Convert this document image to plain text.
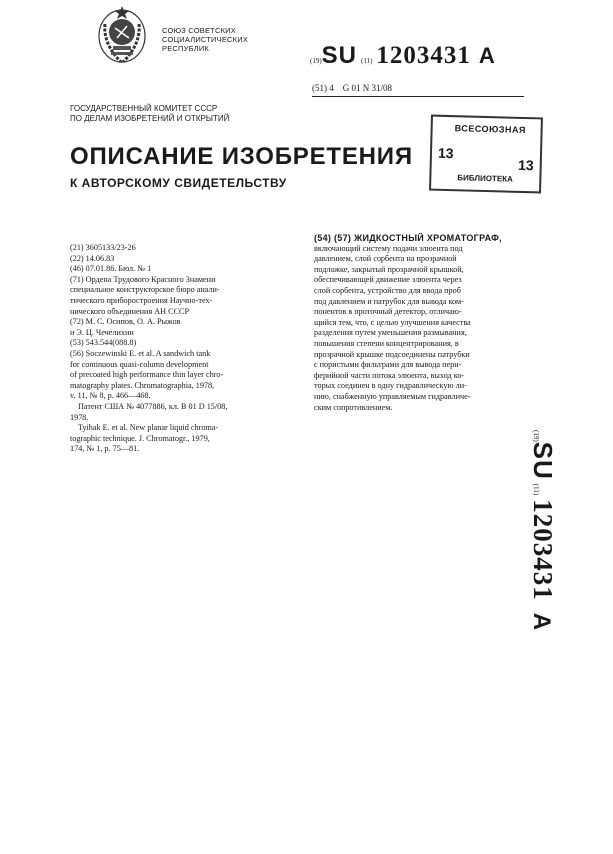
СОЮЗ СОВЕТСКИХ
СОЦИАЛИСТИЧЕСКИХ
РЕСПУБЛИК
(19)SU (11) 1203431 A
(51) 4 G 01 N 31/08
ГОСУДАРСТВЕННЫЙ КОМИТЕТ СССР
ПО ДЕЛАМ ИЗОБРЕТЕНИЙ И ОТКРЫТИЙ
ВСЕСОЮЗНАЯ
13
13
БИБЛИОТЕКА
ОПИСАНИЕ ИЗОБРЕТЕНИЯ
К АВТОРСКОМУ СВИДЕТЕЛЬСТВУ
(21) 3605133/23-26
(22) 14.06.83
(46) 07.01.86. Бюл. № 1
(71) Ордена Трудового Красного Знамени
специальное конструкторское бюро анали-
тического приборостроения Научно-тех-
нического объединения АН СССР
(72) М. С. Осипов, О. А. Рыжов
и Э. Ц. Чечелихин
(53) 543.544(088.8)
(56) Soczewinski E. et al. A sandwich tank
for continuous quasi-column development
of precoated high performance thin layer chro-
matography plates. Chromatographia, 1978,
v. 11, № 8, p. 466—468.
Патент США № 4077886, кл. B 01 D 15/08,
1978.
Tyihak E. et al. New planar liquid chroma-
tographic technique. J. Chromatogr., 1979,
174, № 1, p. 75—81.
(54) (57) ЖИДКОСТНЫЙ ХРОМАТОГРАФ,
включающий систему подачи элюента под
давлением, слой сорбента на прозрачной
подложке, закрытый прозрачной крышкой,
обеспечивающей движение элюента через
слой сорбента, устройство для ввода проб
под давлением и патрубок для вывода ком-
понентов в проточный детектор, отличаю-
щийся тем, что, с целью улучшения качества
разделения путем уменьшения размывания,
повышения степени концентрирования, в
прозрачной крышке подсоединены патрубки
с пористыми фильтрами для вывода пери-
ферийной части потока элюента, выход ко-
торых соединен в одну гидравлическую ли-
нию, снабженную управляемым гидравличе-
ским сопротивлением.
(19)SU (11) 1203431   A
